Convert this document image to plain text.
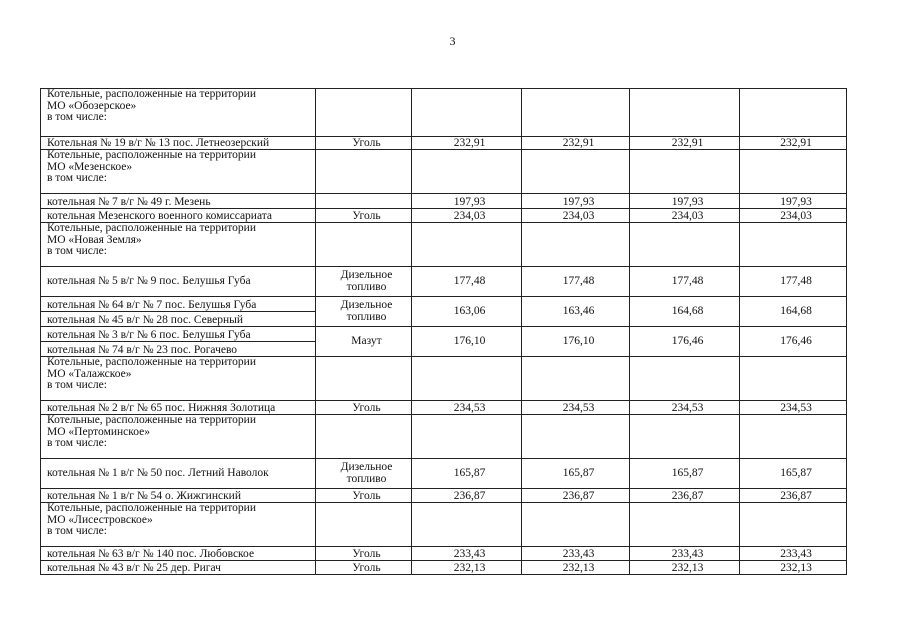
3
Котельные, расположенные на территории
МО «Обозерское»
в том числе:					

Котельная № 19 в/г № 13 пос. Летнеозерский	Уголь	232,91	232,91	232,91	232,91

Котельные, расположенные на территории
МО «Мезенское»
в том числе:					

котельная № 7 в/г № 49 г. Мезень		197,93	197,93	197,93	197,93
котельная Мезенского военного комиссариата	Уголь	234,03	234,03	234,03	234,03

Котельные, расположенные на территории
МО «Новая Земля»
в том числе:					

котельная № 5 в/г № 9 пос. Белушья Губа	Дизельное топливо	177,48	177,48	177,48	177,48
котельная № 64 в/г № 7 пос. Белушья Губа	Дизельное топливо	163,06	163,46	164,68	164,68
котельная № 45 в/г № 28 пос. Северный					
котельная № 3 в/г № 6 пос. Белушья Губа	Мазут	176,10	176,10	176,46	176,46
котельная № 74 в/г № 23 пос. Рогачево					

Котельные, расположенные на территории
МО «Талажское»
в том числе:					

котельная № 2 в/г № 65 пос. Нижняя Золотица	Уголь	234,53	234,53	234,53	234,53

Котельные, расположенные на территории
МО «Пертоминское»
в том числе:					

котельная № 1 в/г № 50 пос. Летний Наволок	Дизельное топливо	165,87	165,87	165,87	165,87
котельная № 1 в/г № 54 о. Жижгинский	Уголь	236,87	236,87	236,87	236,87

Котельные, расположенные на территории
МО «Лисестровское»
в том числе:					

котельная № 63 в/г № 140 пос. Любовское	Уголь	233,43	233,43	233,43	233,43
котельная № 43 в/г № 25 дер. Ригач	Уголь	232,13	232,13	232,13	232,13
